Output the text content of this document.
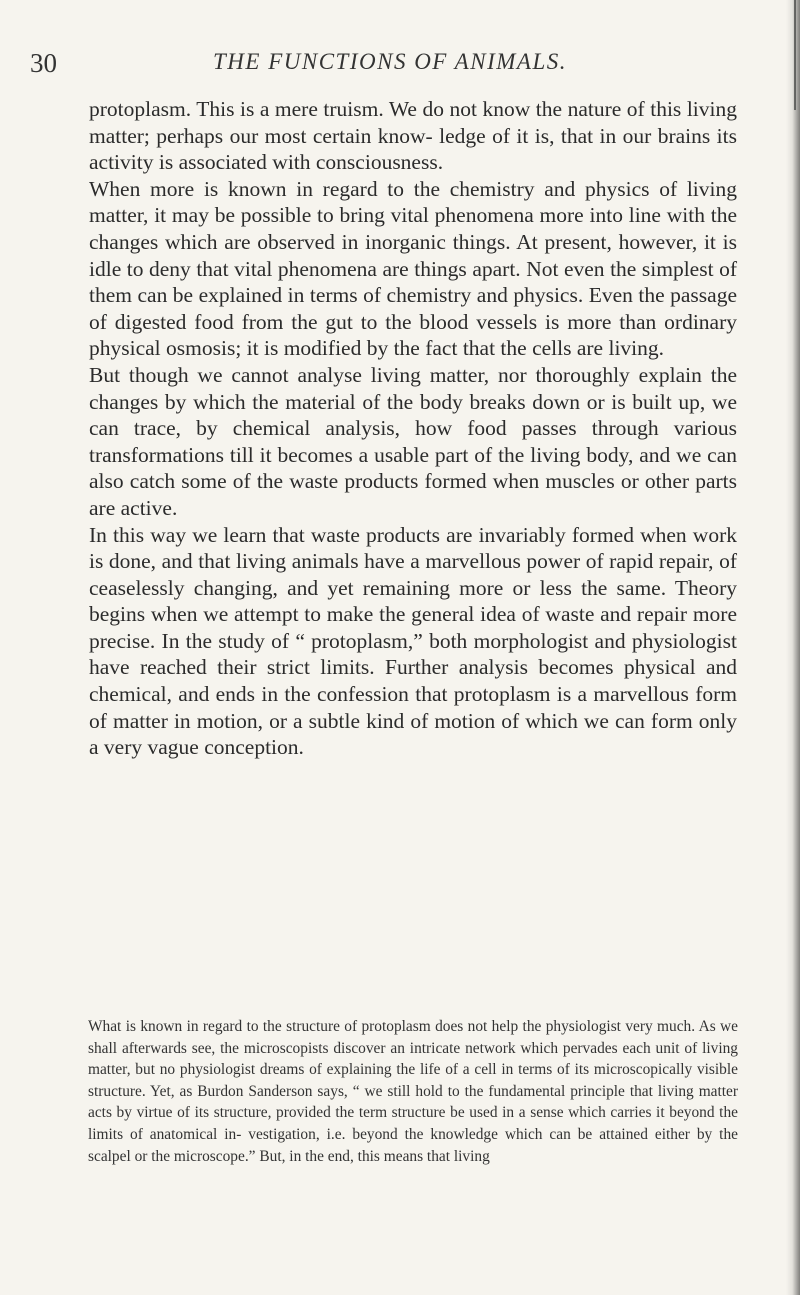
30	THE FUNCTIONS OF ANIMALS.

protoplasm. This is a mere truism. We do not know the nature of this living matter; perhaps our most certain know- ledge of it is, that in our brains its activity is associated with consciousness.

When more is known in regard to the chemistry and physics of living matter, it may be possible to bring vital phenomena more into line with the changes which are observed in inorganic things. At present, however, it is idle to deny that vital phenomena are things apart. Not even the simplest of them can be explained in terms of chemistry and physics. Even the passage of digested food from the gut to the blood vessels is more than ordinary physical osmosis; it is modified by the fact that the cells are living.

But though we cannot analyse living matter, nor thoroughly explain the changes by which the material of the body breaks down or is built up, we can trace, by chemical analysis, how food passes through various transformations till it becomes a usable part of the living body, and we can also catch some of the waste products formed when muscles or other parts are active.

In this way we learn that waste products are invariably formed when work is done, and that living animals have a marvellous power of rapid repair, of ceaselessly changing, and yet remaining more or less the same. Theory begins when we attempt to make the general idea of waste and repair more precise. In the study of “ protoplasm,” both morphologist and physiologist have reached their strict limits. Further analysis becomes physical and chemical, and ends in the confession that protoplasm is a marvellous form of matter in motion, or a subtle kind of motion of which we can form only a very vague conception.

What is known in regard to the structure of protoplasm does not help the physiologist very much. As we shall afterwards see, the microscopists discover an intricate network which pervades each unit of living matter, but no physiologist dreams of explaining the life of a cell in terms of its microscopically visible structure. Yet, as Burdon Sanderson says, “ we still hold to the fundamental principle that living matter acts by virtue of its structure, provided the term structure be used in a sense which carries it beyond the limits of anatomical in- vestigation, i.e. beyond the knowledge which can be attained either by the scalpel or the microscope.” But, in the end, this means that living
